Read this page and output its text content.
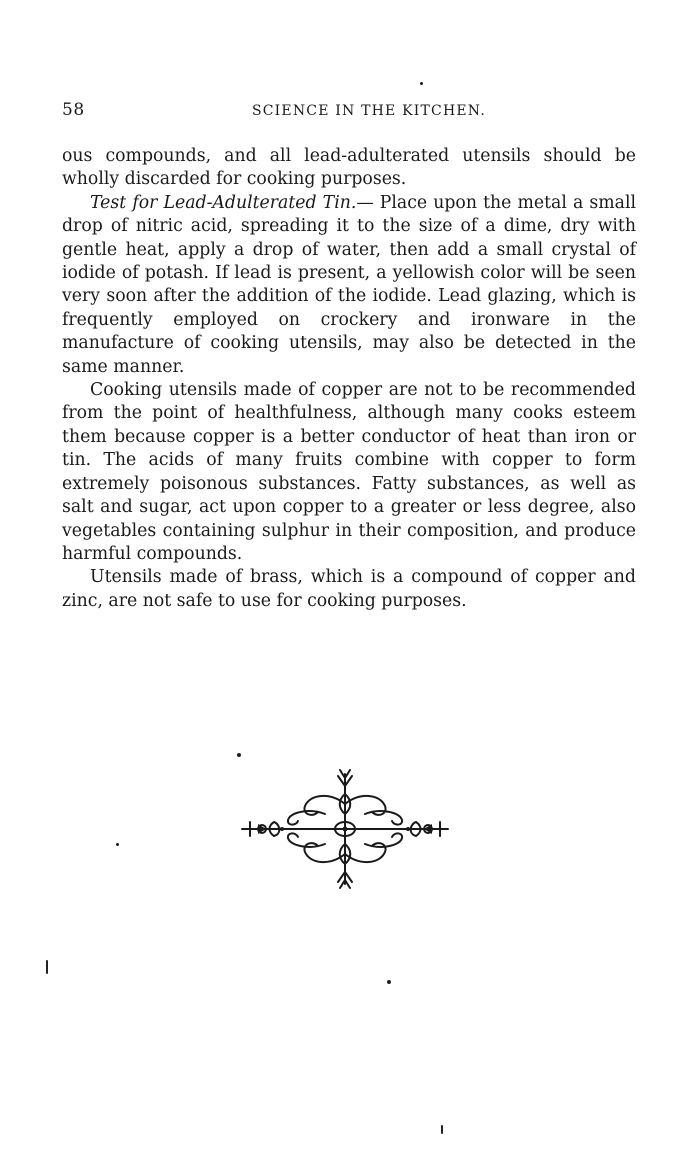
58	SCIENCE IN THE KITCHEN.

ous compounds, and all lead-adulterated utensils should be wholly discarded for cooking purposes.

Test for Lead-Adulterated Tin.— Place upon the metal a small drop of nitric acid, spreading it to the size of a dime, dry with gentle heat, apply a drop of water, then add a small crystal of iodide of potash. If lead is present, a yellowish color will be seen very soon after the addition of the iodide. Lead glazing, which is frequently employed on crockery and ironware in the manufacture of cooking utensils, may also be detected in the same manner.

Cooking utensils made of copper are not to be recommended from the point of healthfulness, although many cooks esteem them because copper is a better conductor of heat than iron or tin. The acids of many fruits combine with copper to form extremely poisonous substances. Fatty substances, as well as salt and sugar, act upon copper to a greater or less degree, also vegetables containing sulphur in their composition, and produce harmful compounds.

Utensils made of brass, which is a compound of copper and zinc, are not safe to use for cooking purposes.
